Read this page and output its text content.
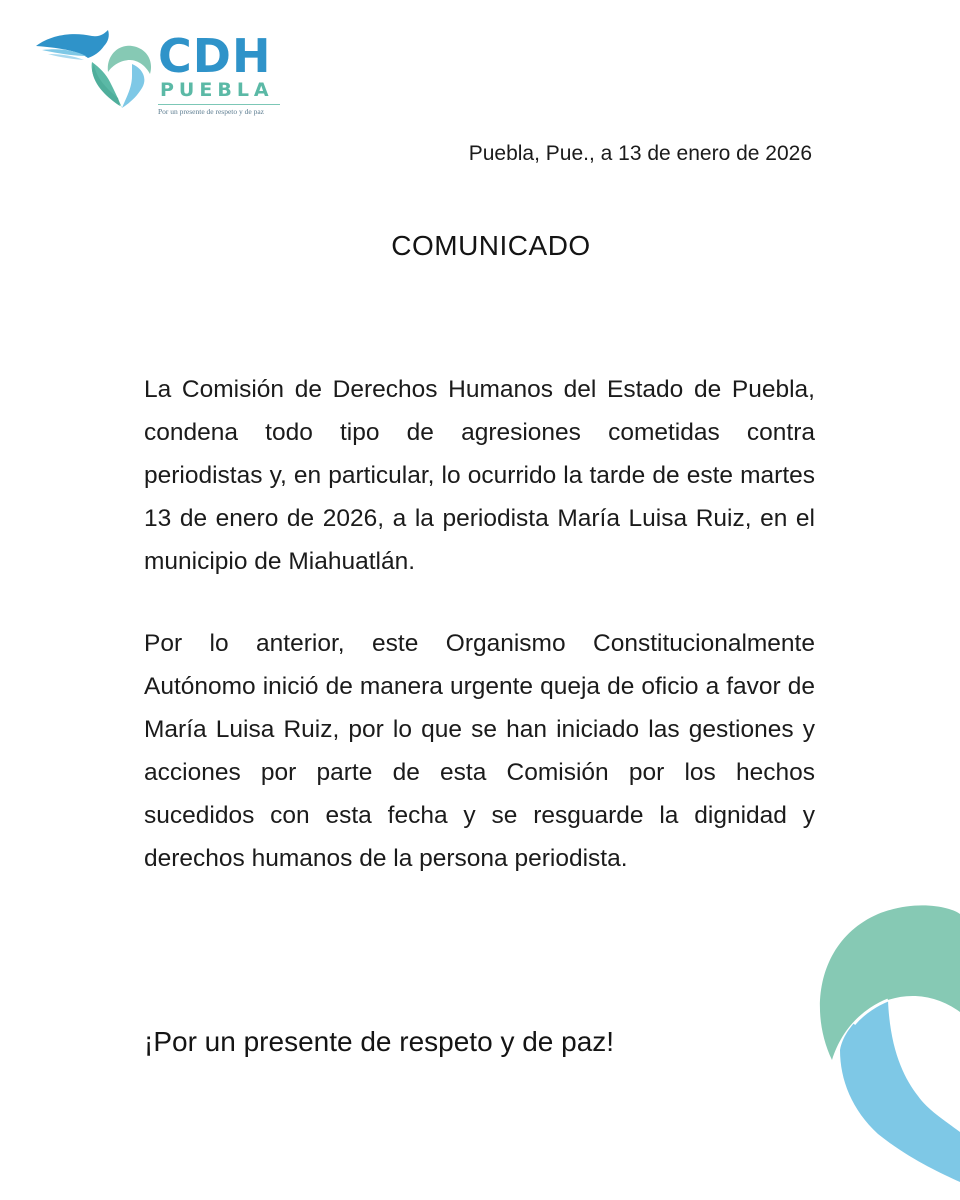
CDH
PUEBLA
Por un presente de respeto y de paz
Puebla, Pue., a 13 de enero de 2026
COMUNICADO

La Comisión de Derechos Humanos del Estado de Puebla, condena todo tipo de agresiones cometidas contra periodistas y, en particular, lo ocurrido la tarde de este martes 13 de enero de 2026, a la periodista María Luisa Ruiz, en el municipio de Miahuatlán.

Por lo anterior, este Organismo Constitucionalmente Autónomo inició de manera urgente queja de oficio a favor de María Luisa Ruiz, por lo que se han iniciado las gestiones y acciones por parte de esta Comisión por los hechos sucedidos con esta fecha y se resguarde la dignidad y derechos humanos de la persona periodista.

¡Por un presente de respeto y de paz!
